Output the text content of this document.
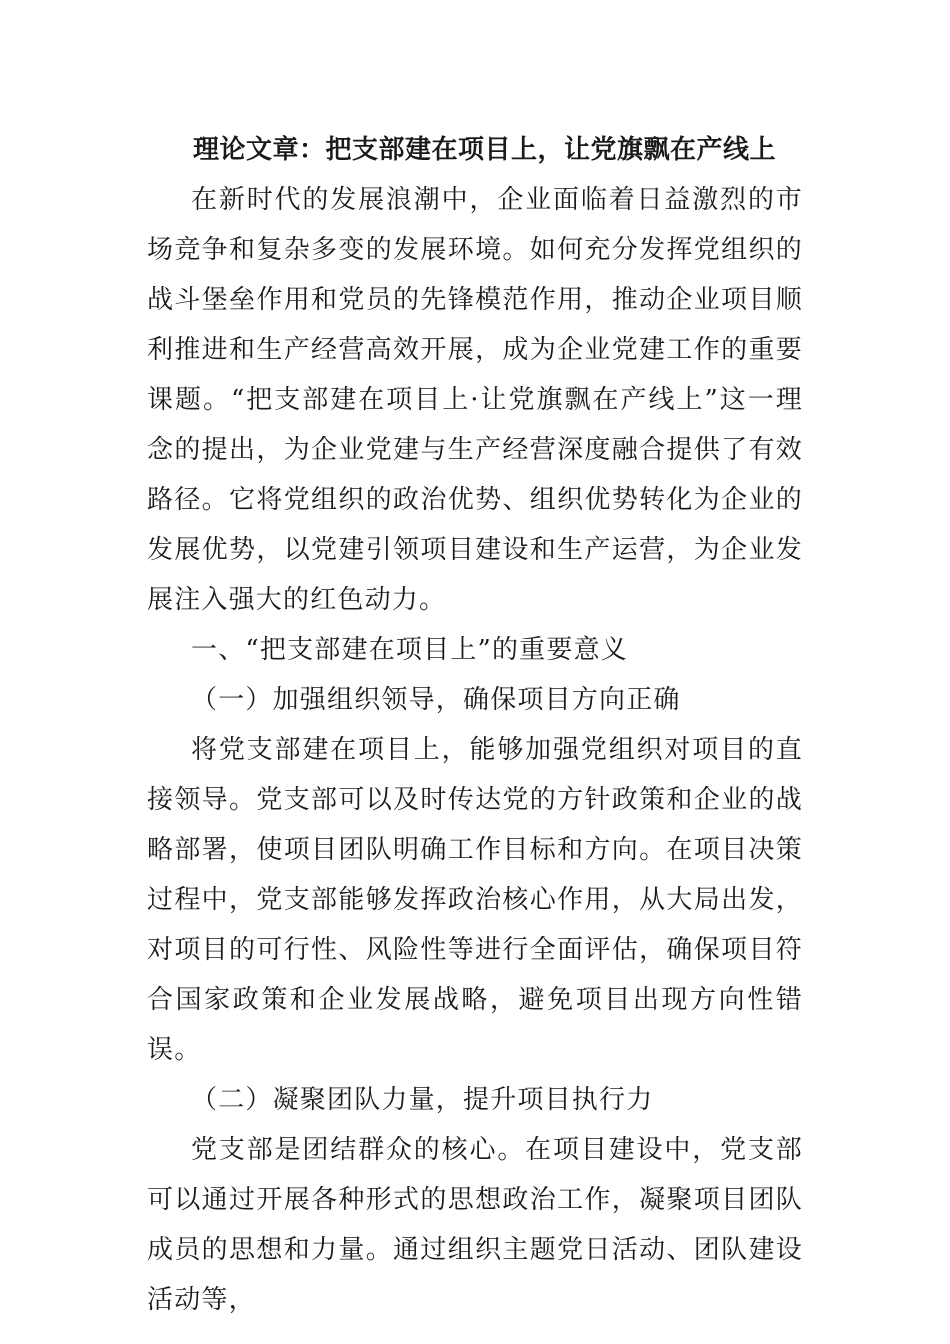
理论文章：把支部建在项目上，让党旗飘在产线上

在新时代的发展浪潮中，企业面临着日益激烈的市场竞争和复杂多变的发展环境。如何充分发挥党组织的战斗堡垒作用和党员的先锋模范作用，推动企业项目顺利推进和生产经营高效开展，成为企业党建工作的重要课题。“把支部建在项目上·让党旗飘在产线上”这一理念的提出，为企业党建与生产经营深度融合提供了有效路径。它将党组织的政治优势、组织优势转化为企业的发展优势，以党建引领项目建设和生产运营，为企业发展注入强大的红色动力。

一、“把支部建在项目上”的重要意义
（一）加强组织领导，确保项目方向正确

将党支部建在项目上，能够加强党组织对项目的直接领导。党支部可以及时传达党的方针政策和企业的战略部署，使项目团队明确工作目标和方向。在项目决策过程中，党支部能够发挥政治核心作用，从大局出发，对项目的可行性、风险性等进行全面评估，确保项目符合国家政策和企业发展战略，避免项目出现方向性错误。

（二）凝聚团队力量，提升项目执行力

党支部是团结群众的核心。在项目建设中，党支部可以通过开展各种形式的思想政治工作，凝聚项目团队成员的思想和力量。通过组织主题党日活动、团队建设活动等，
